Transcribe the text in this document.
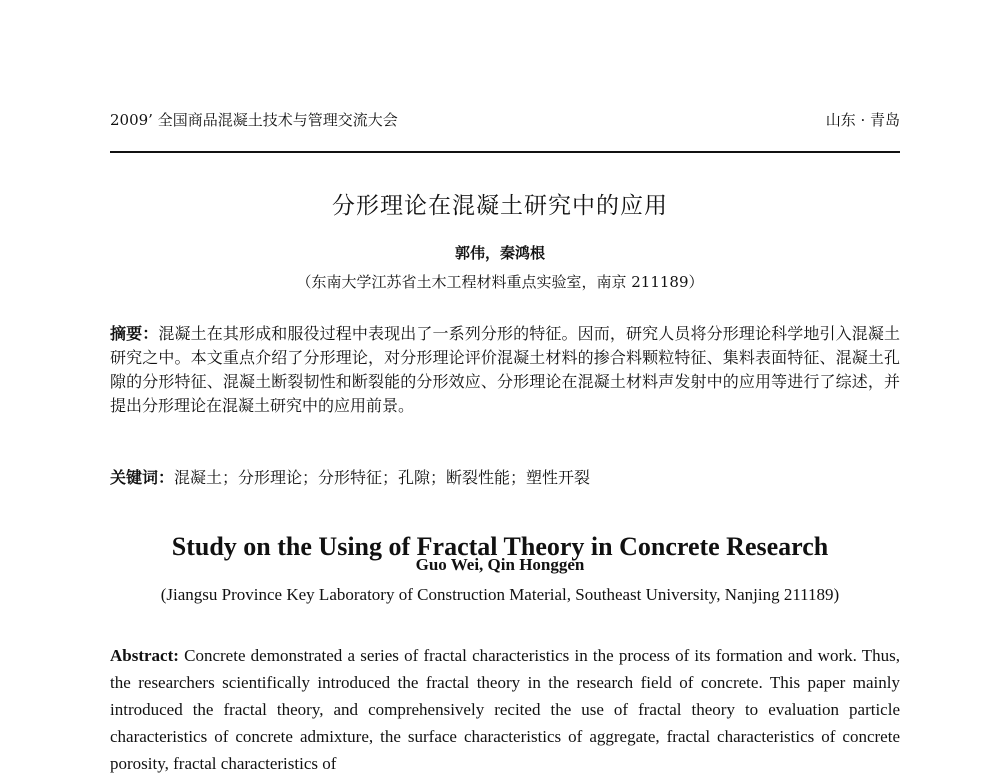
2009’ 全国商品混凝土技术与管理交流大会	山东 · 青岛
分形理论在混凝土研究中的应用
郭伟，秦鸿根
（东南大学江苏省土木工程材料重点实验室，南京 211189）
摘要：混凝土在其形成和服役过程中表现出了一系列分形的特征。因而，研究人员将分形理论科学地引入混凝土研究之中。本文重点介绍了分形理论，对分形理论评价混凝土材料的掺合料颗粒特征、集料表面特征、混凝土孔隙的分形特征、混凝土断裂韧性和断裂能的分形效应、分形理论在混凝土材料声发射中的应用等进行了综述，并提出分形理论在混凝土研究中的应用前景。
关键词：混凝土；分形理论；分形特征；孔隙；断裂性能；塑性开裂
Study on the Using of Fractal Theory in Concrete Research
Guo Wei, Qin Honggen
(Jiangsu Province Key Laboratory of Construction Material, Southeast University, Nanjing 211189)
Abstract: Concrete demonstrated a series of fractal characteristics in the process of its formation and work. Thus, the researchers scientifically introduced the fractal theory in the research field of concrete. This paper mainly introduced the fractal theory, and comprehensively recited the use of fractal theory to evaluation particle characteristics of concrete admixture, the surface characteristics of aggregate, fractal characteristics of concrete porosity, fractal characteristics of
